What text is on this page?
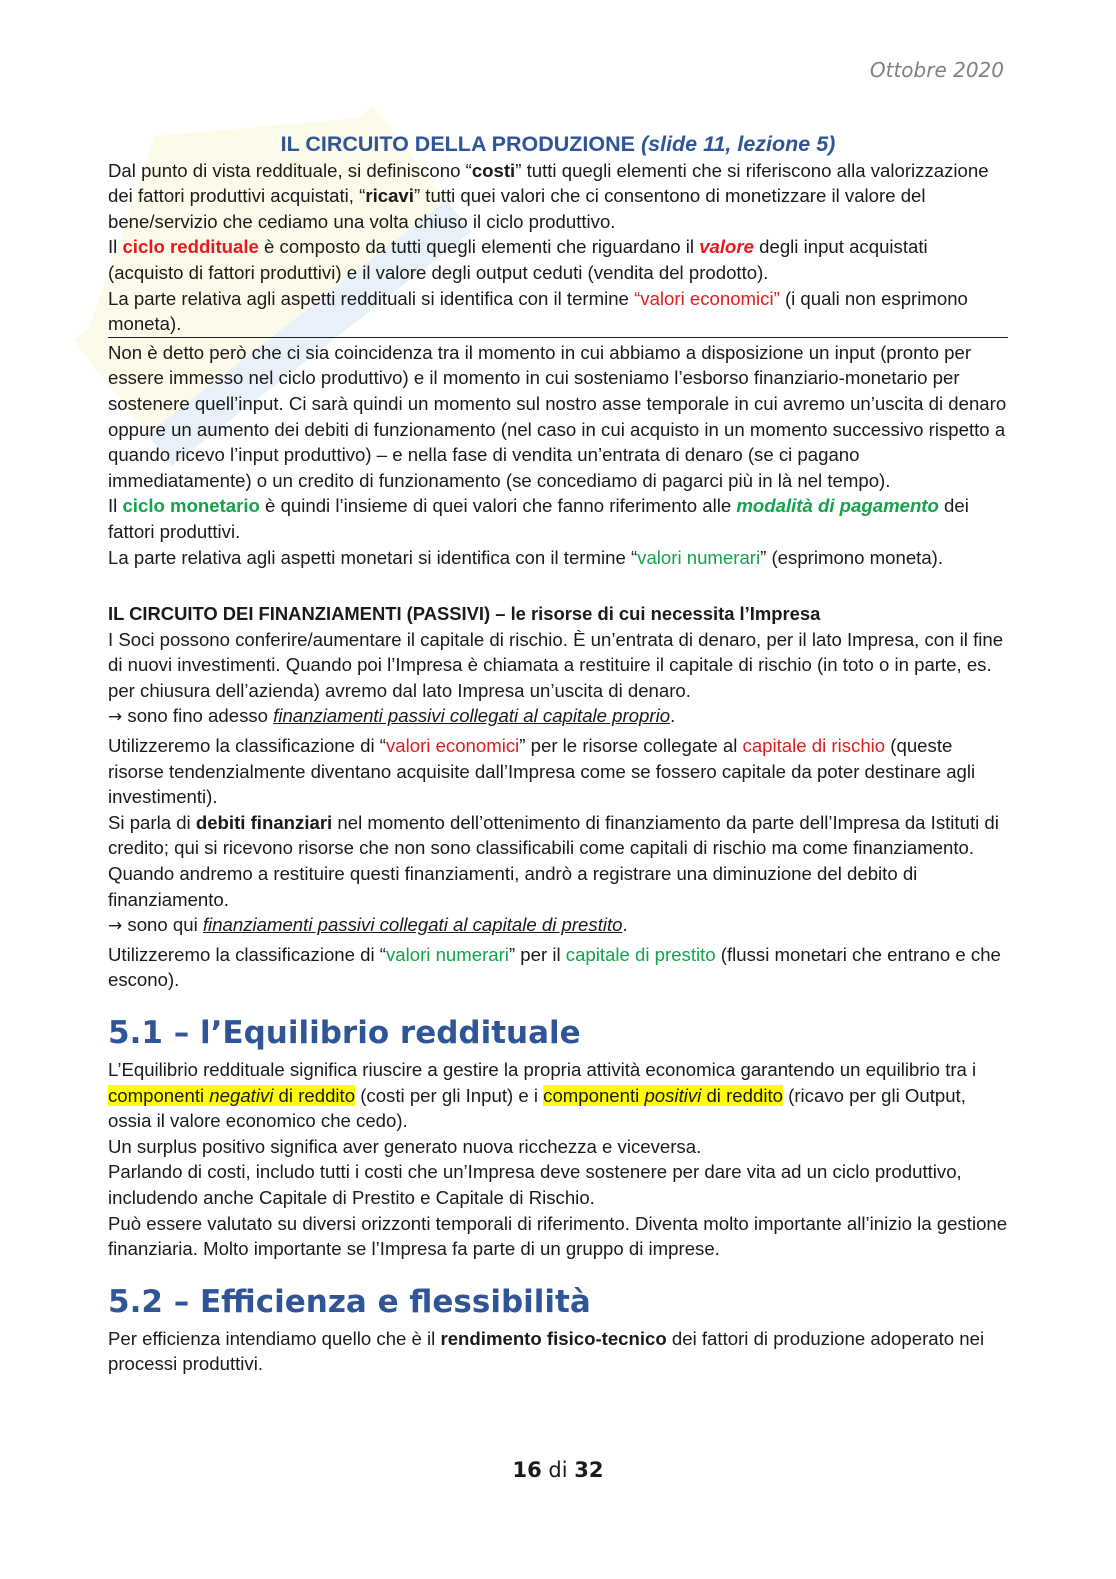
Ottobre 2020

IL CIRCUITO DELLA PRODUZIONE (slide 11, lezione 5)

Dal punto di vista reddituale, si definiscono “costi” tutti quegli elementi che si riferiscono alla valorizzazione dei fattori produttivi acquistati, “ricavi” tutti quei valori che ci consentono di monetizzare il valore del bene/servizio che cediamo una volta chiuso il ciclo produttivo.

Il ciclo reddituale è composto da tutti quegli elementi che riguardano il valore degli input acquistati (acquisto di fattori produttivi) e il valore degli output ceduti (vendita del prodotto).

La parte relativa agli aspetti reddituali si identifica con il termine “valori economici” (i quali non esprimono moneta).

Non è detto però che ci sia coincidenza tra il momento in cui abbiamo a disposizione un input (pronto per essere immesso nel ciclo produttivo) e il momento in cui sosteniamo l’esborso finanziario-monetario per sostenere quell’input. Ci sarà quindi un momento sul nostro asse temporale in cui avremo un’uscita di denaro oppure un aumento dei debiti di funzionamento (nel caso in cui acquisto in un momento successivo rispetto a quando ricevo l’input produttivo) – e nella fase di vendita un’entrata di denaro (se ci pagano immediatamente) o un credito di funzionamento (se concediamo di pagarci più in là nel tempo).

Il ciclo monetario è quindi l’insieme di quei valori che fanno riferimento alle modalità di pagamento dei fattori produttivi.

La parte relativa agli aspetti monetari si identifica con il termine “valori numerari” (esprimono moneta).

IL CIRCUITO DEI FINANZIAMENTI (PASSIVI) – le risorse di cui necessita l’Impresa

I Soci possono conferire/aumentare il capitale di rischio. È un’entrata di denaro, per il lato Impresa, con il fine di nuovi investimenti. Quando poi l’Impresa è chiamata a restituire il capitale di rischio (in toto o in parte, es. per chiusura dell’azienda) avremo dal lato Impresa un’uscita di denaro.

→ sono fino adesso finanziamenti passivi collegati al capitale proprio.

Utilizzeremo la classificazione di “valori economici” per le risorse collegate al capitale di rischio (queste risorse tendenzialmente diventano acquisite dall’Impresa come se fossero capitale da poter destinare agli investimenti).

Si parla di debiti finanziari nel momento dell’ottenimento di finanziamento da parte dell’Impresa da Istituti di credito; qui si ricevono risorse che non sono classificabili come capitali di rischio ma come finanziamento. Quando andremo a restituire questi finanziamenti, andrò a registrare una diminuzione del debito di finanziamento.

→ sono qui finanziamenti passivi collegati al capitale di prestito.

Utilizzeremo la classificazione di “valori numerari” per il capitale di prestito (flussi monetari che entrano e che escono).

5.1 – l’Equilibrio reddituale

L’Equilibrio reddituale significa riuscire a gestire la propria attività economica garantendo un equilibrio tra i componenti negativi di reddito (costi per gli Input) e i componenti positivi di reddito (ricavo per gli Output, ossia il valore economico che cedo).

Un surplus positivo significa aver generato nuova ricchezza e viceversa.

Parlando di costi, includo tutti i costi che un’Impresa deve sostenere per dare vita ad un ciclo produttivo, includendo anche Capitale di Prestito e Capitale di Rischio.

Può essere valutato su diversi orizzonti temporali di riferimento. Diventa molto importante all’inizio la gestione finanziaria. Molto importante se l’Impresa fa parte di un gruppo di imprese.

5.2 – Efficienza e flessibilità

Per efficienza intendiamo quello che è il rendimento fisico-tecnico dei fattori di produzione adoperato nei processi produttivi.

16 di 32
